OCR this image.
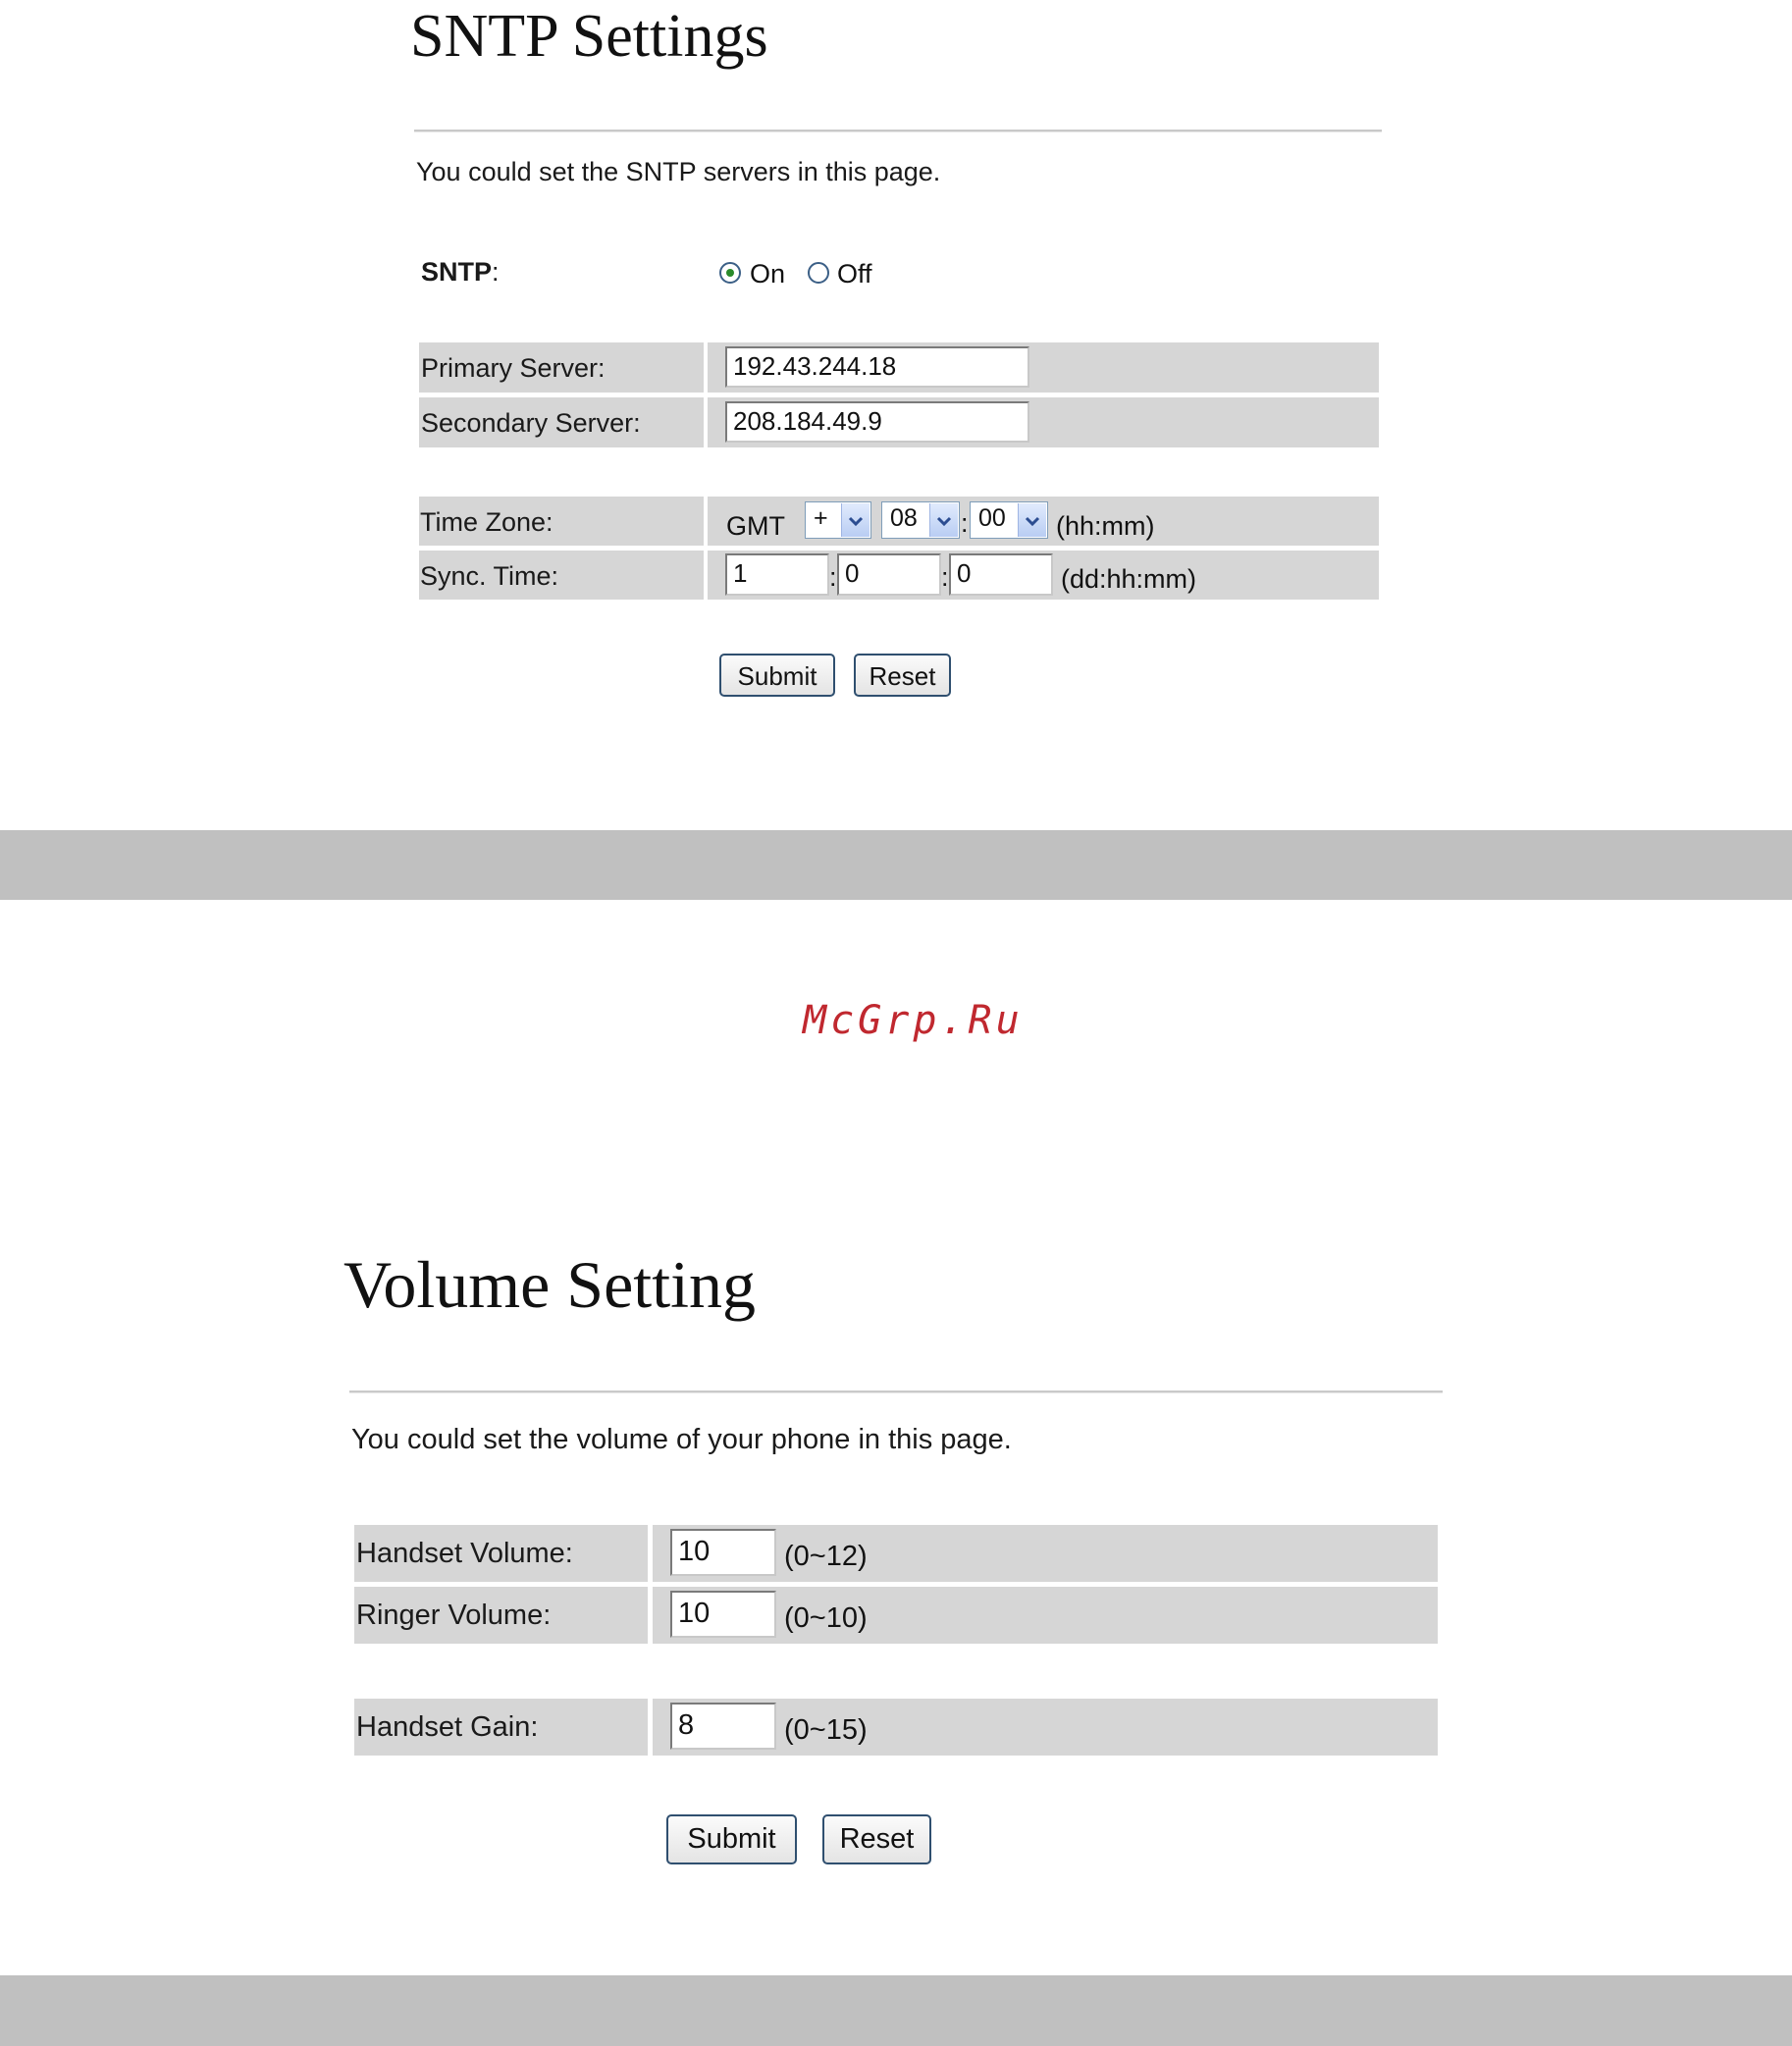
SNTP Settings
You could set the SNTP servers in this page.
SNTP:	On Off
Primary Server:	192.43.244.18
Secondary Server:	208.184.49.9
Time Zone:	GMT +	08 : 00 (hh:mm)
Sync. Time:	1	: 0	: 0	(dd:hh:mm)
Submit	Reset
McGrp.Ru
Volume Setting
You could set the volume of your phone in this page.
Handset Volume:	10	(0~12)
Ringer Volume:	10	(0~10)
Handset Gain:	8	(0~15)
Submit	Reset
